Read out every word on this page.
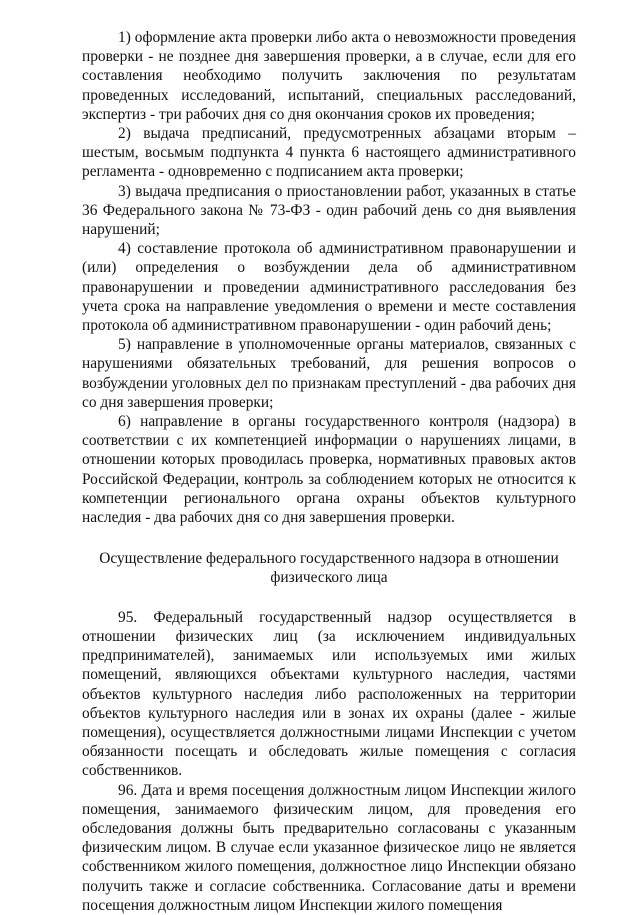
1) оформление акта проверки либо акта о невозможности проведения проверки - не позднее дня завершения проверки, а в случае, если для его составления необходимо получить заключения по результатам проведенных исследований, испытаний, специальных расследований, экспертиз - три рабочих дня со дня окончания сроков их проведения;

2) выдача предписаний, предусмотренных абзацами вторым – шестым, восьмым подпункта 4 пункта 6 настоящего административного регламента - одновременно с подписанием акта проверки;

3) выдача предписания о приостановлении работ, указанных в статье 36 Федерального закона № 73-ФЗ - один рабочий день со дня выявления нарушений;

4) составление протокола об административном правонарушении и (или) определения о возбуждении дела об административном правонарушении и проведении административного расследования без учета срока на направление уведомления о времени и месте составления протокола об административном правонарушении - один рабочий день;

5) направление в уполномоченные органы материалов, связанных с нарушениями обязательных требований, для решения вопросов о возбуждении уголовных дел по признакам преступлений - два рабочих дня со дня завершения проверки;

6) направление в органы государственного контроля (надзора) в соответствии с их компетенцией информации о нарушениях лицами, в отношении которых проводилась проверка, нормативных правовых актов Российской Федерации, контроль за соблюдением которых не относится к компетенции регионального органа охраны объектов культурного наследия - два рабочих дня со дня завершения проверки.

Осуществление федерального государственного надзора в отношении физического лица

95. Федеральный государственный надзор осуществляется в отношении физических лиц (за исключением индивидуальных предпринимателей), занимаемых или используемых ими жилых помещений, являющихся объектами культурного наследия, частями объектов культурного наследия либо расположенных на территории объектов культурного наследия или в зонах их охраны (далее - жилые помещения), осуществляется должностными лицами Инспекции с учетом обязанности посещать и обследовать жилые помещения с согласия собственников.

96. Дата и время посещения должностным лицом Инспекции жилого помещения, занимаемого физическим лицом, для проведения его обследования должны быть предварительно согласованы с указанным физическим лицом. В случае если указанное физическое лицо не является собственником жилого помещения, должностное лицо Инспекции обязано получить также и согласие собственника. Согласование даты и времени посещения должностным лицом Инспекции жилого помещения
